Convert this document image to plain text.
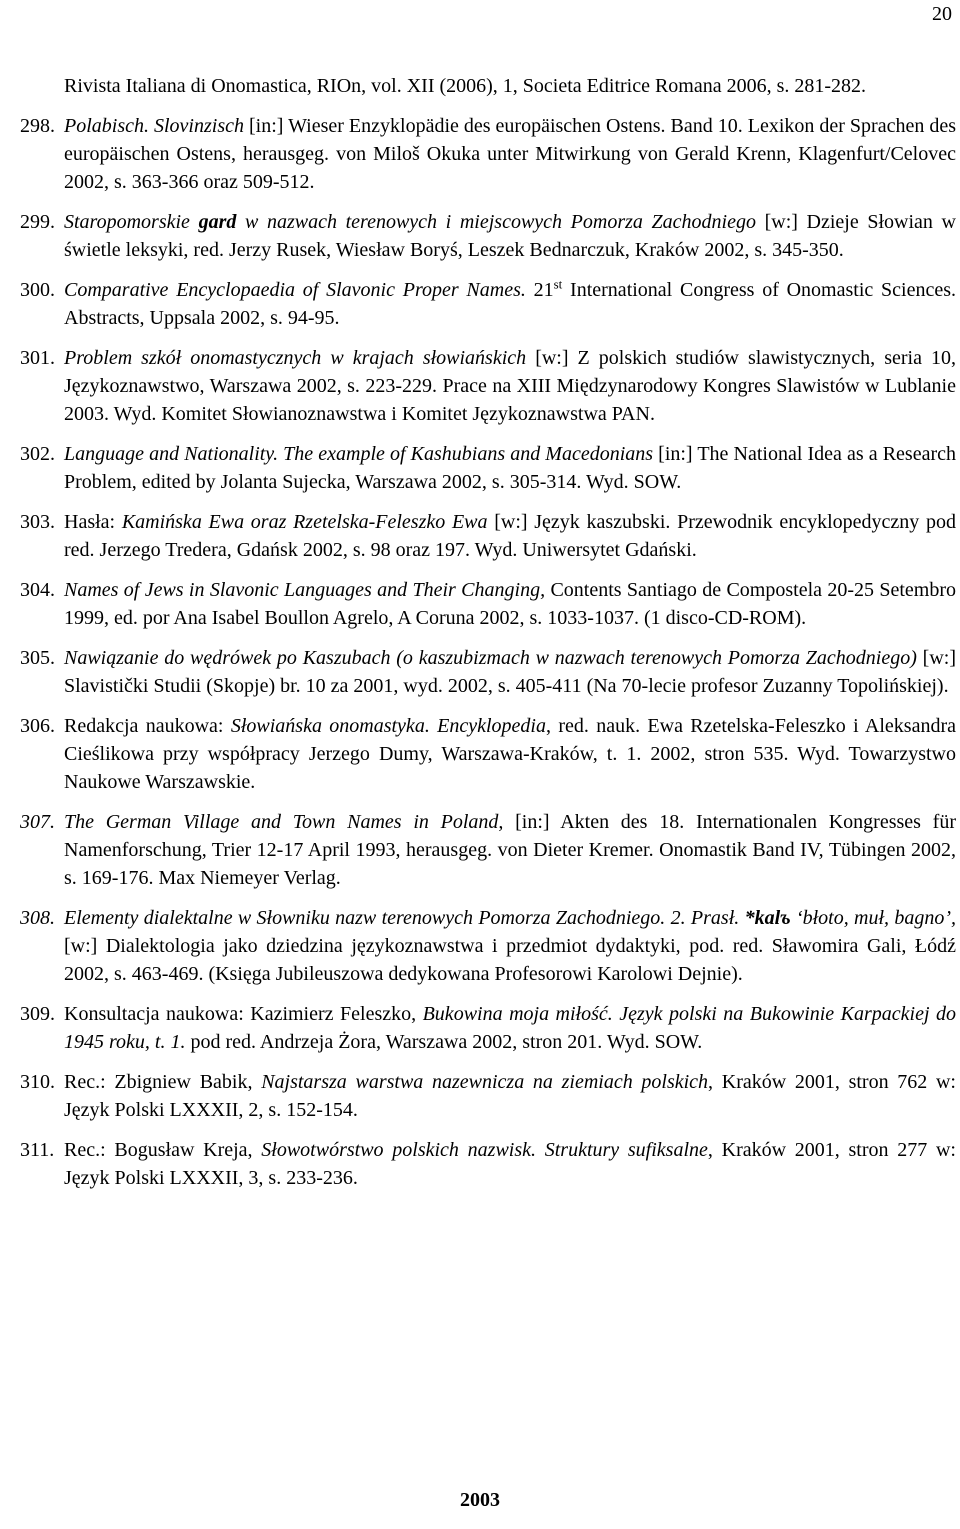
20
Rivista Italiana di Onomastica, RIOn, vol. XII (2006), 1, Societa Editrice Romana 2006, s. 281-282.
298. Polabisch. Slovinzisch [in:] Wieser Enzyklopädie des europäischen Ostens. Band 10. Lexikon der Sprachen des europäischen Ostens, herausgeg. von Miloš Okuka unter Mitwirkung von Gerald Krenn, Klagenfurt/Celovec 2002, s. 363-366 oraz 509-512.
299. Staropomorskie gard w nazwach terenowych i miejscowych Pomorza Zachodniego [w:] Dzieje Słowian w świetle leksyki, red. Jerzy Rusek, Wiesław Boryś, Leszek Bednarczuk, Kraków 2002, s. 345-350.
300. Comparative Encyclopaedia of Slavonic Proper Names. 21st International Congress of Onomastic Sciences. Abstracts, Uppsala 2002, s. 94-95.
301. Problem szkół onomastycznych w krajach słowiańskich [w:] Z polskich studiów slawistycznych, seria 10, Językoznawstwo, Warszawa 2002, s. 223-229. Prace na XIII Międzynarodowy Kongres Slawistów w Lublanie 2003. Wyd. Komitet Słowianoznawstwa i Komitet Językoznawstwa PAN.
302. Language and Nationality. The example of Kashubians and Macedonians [in:] The National Idea as a Research Problem, edited by Jolanta Sujecka, Warszawa 2002, s. 305-314. Wyd. SOW.
303. Hasła: Kamińska Ewa oraz Rzetelska-Feleszko Ewa [w:] Język kaszubski. Przewodnik encyklopedyczny pod red. Jerzego Tredera, Gdańsk 2002, s. 98 oraz 197. Wyd. Uniwersytet Gdański.
304. Names of Jews in Slavonic Languages and Their Changing, Contents Santiago de Compostela 20-25 Setembro 1999, ed. por Ana Isabel Boullon Agrelo, A Coruna 2002, s. 1033-1037. (1 disco-CD-ROM).
305. Nawiązanie do wędrówek po Kaszubach (o kaszubizmach w nazwach terenowych Pomorza Zachodniego) [w:] Slavistički Studii (Skopje) br. 10 za 2001, wyd. 2002, s. 405-411 (Na 70-lecie profesor Zuzanny Topolińskiej).
306. Redakcja naukowa: Słowiańska onomastyka. Encyklopedia, red. nauk. Ewa Rzetelska-Feleszko i Aleksandra Cieślikowa przy współpracy Jerzego Dumy, Warszawa-Kraków, t. 1. 2002, stron 535. Wyd. Towarzystwo Naukowe Warszawskie.
307. The German Village and Town Names in Poland, [in:] Akten des 18. Internationalen Kongresses für Namenforschung, Trier 12-17 April 1993, herausgeg. von Dieter Kremer. Onomastik Band IV, Tübingen 2002, s. 169-176. Max Niemeyer Verlag.
308. Elementy dialektalne w Słowniku nazw terenowych Pomorza Zachodniego. 2. Prasł. *kalъ ‘błoto, muł, bagno’, [w:] Dialektologia jako dziedzina językoznawstwa i przedmiot dydaktyki, pod. red. Sławomira Gali, Łódź 2002, s. 463-469. (Księga Jubileuszowa dedykowana Profesorowi Karolowi Dejnie).
309. Konsultacja naukowa: Kazimierz Feleszko, Bukowina moja miłość. Język polski na Bukowinie Karpackiej do 1945 roku, t. 1. pod red. Andrzeja Żora, Warszawa 2002, stron 201. Wyd. SOW.
310. Rec.: Zbigniew Babik, Najstarsza warstwa nazewnicza na ziemiach polskich, Kraków 2001, stron 762 w: Język Polski LXXXII, 2, s. 152-154.
311. Rec.: Bogusław Kreja, Słowotwórstwo polskich nazwisk. Struktury sufiksalne, Kraków 2001, stron 277 w: Język Polski LXXXII, 3, s. 233-236.
2003
